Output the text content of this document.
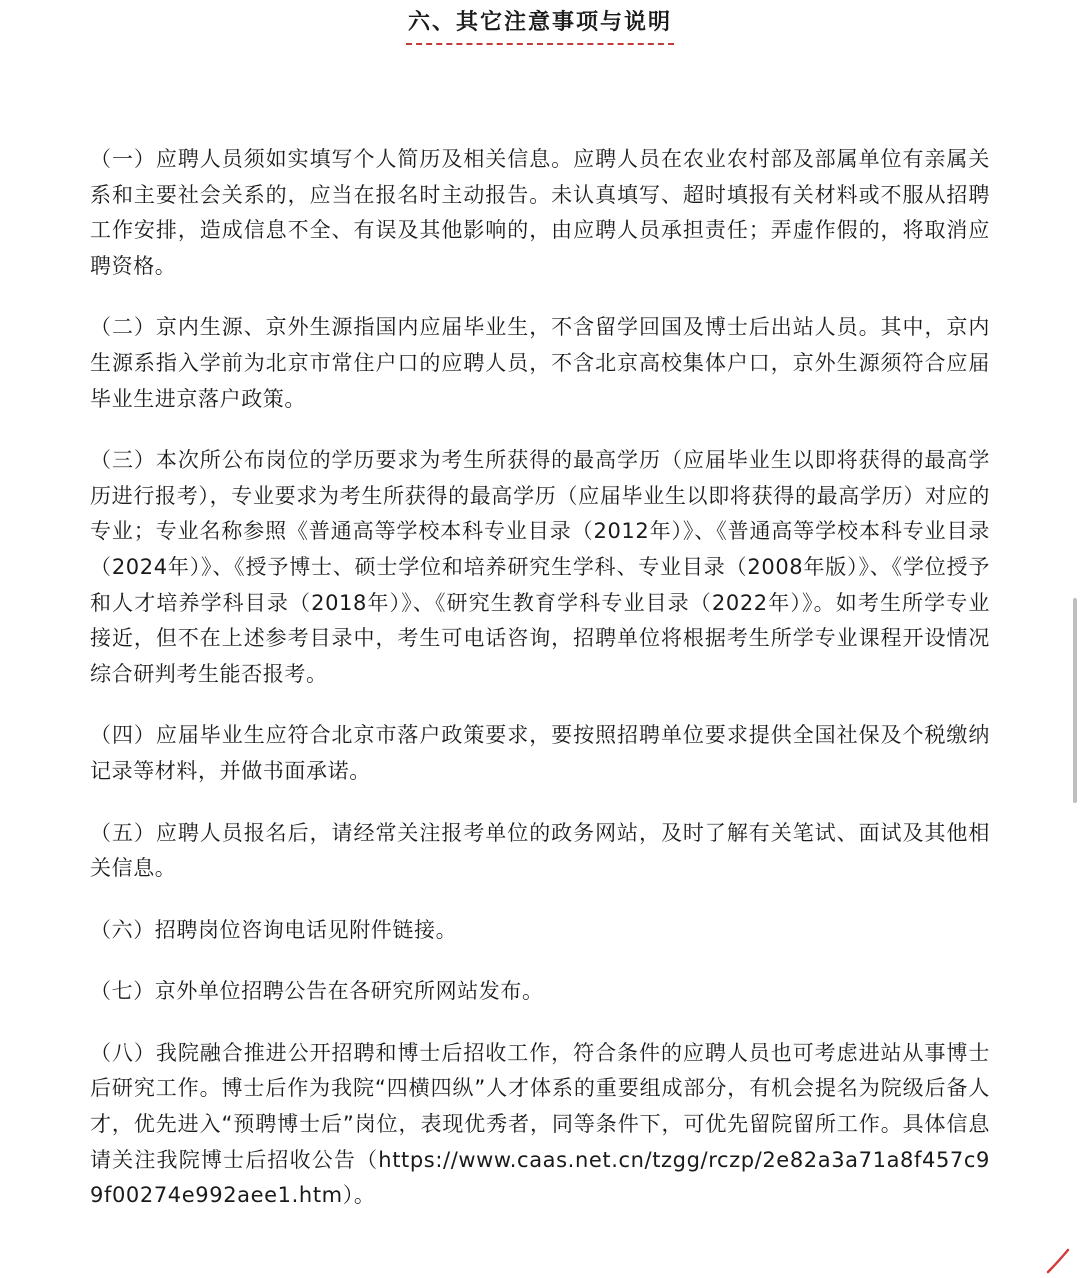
六、其它注意事项与说明

（一）应聘人员须如实填写个人简历及相关信息。应聘人员在农业农村部及部属单位有亲属关系和主要社会关系的，应当在报名时主动报告。未认真填写、超时填报有关材料或不服从招聘工作安排，造成信息不全、有误及其他影响的，由应聘人员承担责任；弄虚作假的，将取消应聘资格。

（二）京内生源、京外生源指国内应届毕业生，不含留学回国及博士后出站人员。其中，京内生源系指入学前为北京市常住户口的应聘人员，不含北京高校集体户口，京外生源须符合应届毕业生进京落户政策。

（三）本次所公布岗位的学历要求为考生所获得的最高学历（应届毕业生以即将获得的最高学历进行报考），专业要求为考生所获得的最高学历（应届毕业生以即将获得的最高学历）对应的专业；专业名称参照《普通高等学校本科专业目录（2012年）》、《普通高等学校本科专业目录（2024年）》、《授予博士、硕士学位和培养研究生学科、专业目录（2008年版）》、《学位授予和人才培养学科目录（2018年）》、《研究生教育学科专业目录（2022年）》。如考生所学专业接近，但不在上述参考目录中，考生可电话咨询，招聘单位将根据考生所学专业课程开设情况综合研判考生能否报考。

（四）应届毕业生应符合北京市落户政策要求，要按照招聘单位要求提供全国社保及个税缴纳记录等材料，并做书面承诺。

（五）应聘人员报名后，请经常关注报考单位的政务网站，及时了解有关笔试、面试及其他相关信息。

（六）招聘岗位咨询电话见附件链接。

（七）京外单位招聘公告在各研究所网站发布。

（八）我院融合推进公开招聘和博士后招收工作，符合条件的应聘人员也可考虑进站从事博士后研究工作。博士后作为我院“四横四纵”人才体系的重要组成部分，有机会提名为院级后备人才，优先进入“预聘博士后”岗位，表现优秀者，同等条件下，可优先留院留所工作。具体信息请关注我院博士后招收公告（https://www.caas.net.cn/tzgg/rczp/2e82a3a71a8f457c99f00274e992aee1.htm）。
